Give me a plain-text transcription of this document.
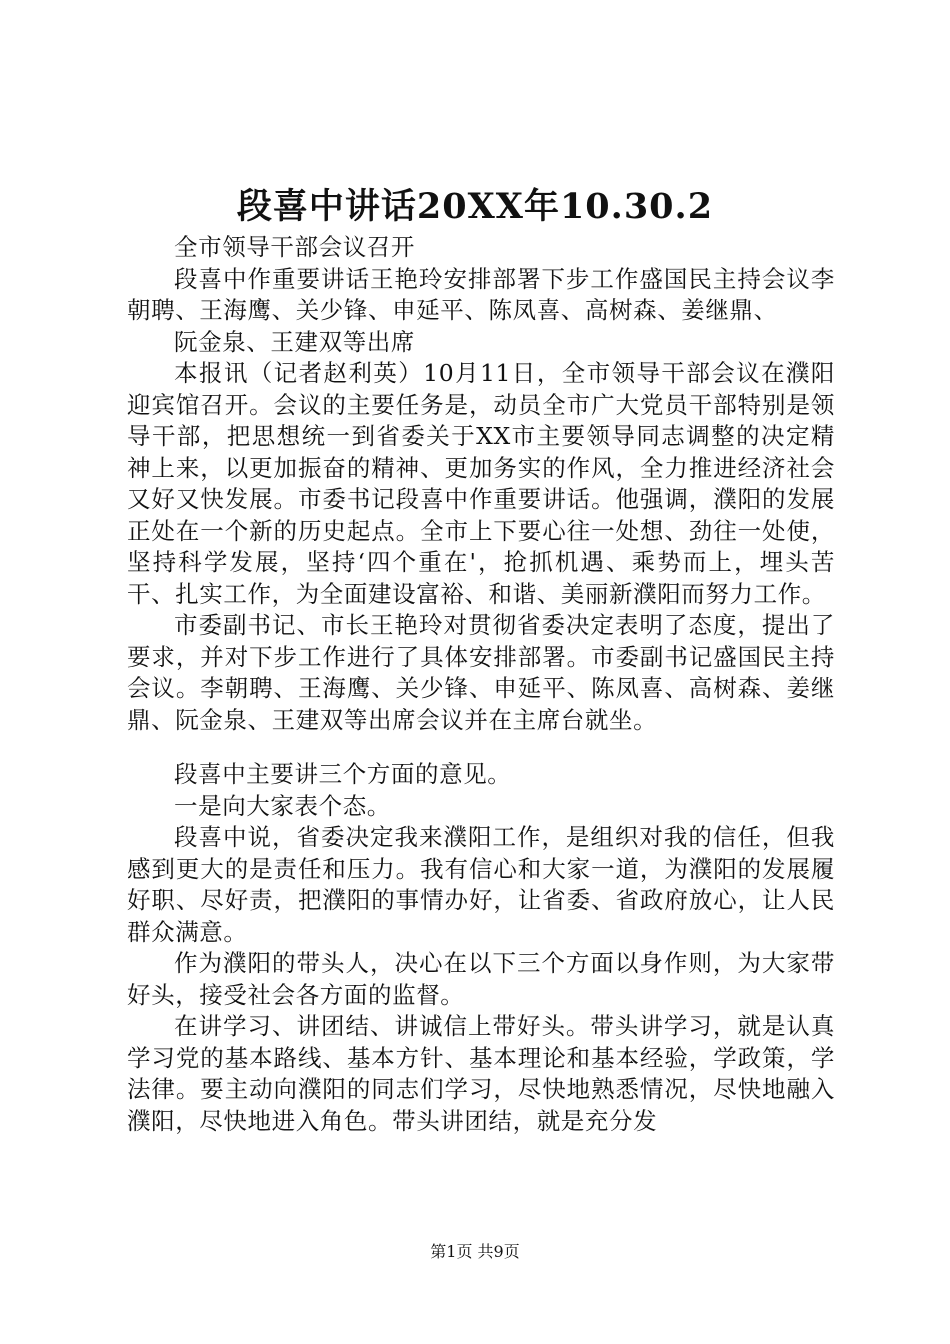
段喜中讲话20XX年10.30.2

全市领导干部会议召开

段喜中作重要讲话王艳玲安排部署下步工作盛国民主持会议李朝聘、王海鹰、关少锋、申延平、陈凤喜、高树森、姜继鼎、

阮金泉、王建双等出席

本报讯（记者赵利英）10月11日，全市领导干部会议在濮阳迎宾馆召开。会议的主要任务是，动员全市广大党员干部特别是领导干部，把思想统一到省委关于XX市主要领导同志调整的决定精神上来，以更加振奋的精神、更加务实的作风，全力推进经济社会又好又快发展。市委书记段喜中作重要讲话。他强调，濮阳的发展正处在一个新的历史起点。全市上下要心往一处想、劲往一处使，坚持科学发展，坚持‘四个重在'，抢抓机遇、乘势而上，埋头苦干、扎实工作，为全面建设富裕、和谐、美丽新濮阳而努力工作。

市委副书记、市长王艳玲对贯彻省委决定表明了态度，提出了要求，并对下步工作进行了具体安排部署。市委副书记盛国民主持会议。李朝聘、王海鹰、关少锋、申延平、陈凤喜、高树森、姜继鼎、阮金泉、王建双等出席会议并在主席台就坐。

段喜中主要讲三个方面的意见。

一是向大家表个态。

段喜中说，省委决定我来濮阳工作，是组织对我的信任，但我感到更大的是责任和压力。我有信心和大家一道，为濮阳的发展履好职、尽好责，把濮阳的事情办好，让省委、省政府放心，让人民群众满意。

作为濮阳的带头人，决心在以下三个方面以身作则，为大家带好头，接受社会各方面的监督。

在讲学习、讲团结、讲诚信上带好头。带头讲学习，就是认真学习党的基本路线、基本方针、基本理论和基本经验，学政策，学法律。要主动向濮阳的同志们学习，尽快地熟悉情况，尽快地融入濮阳，尽快地进入角色。带头讲团结，就是充分发

第1页 共9页
